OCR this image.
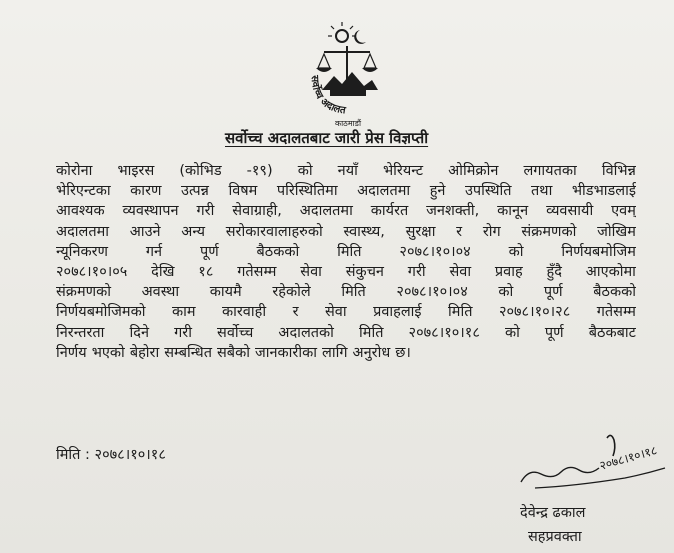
सर्वोच्च अदालत
काठमाडौं
सर्वोच्च अदालतबाट जारी प्रेस विज्ञप्ती
कोरोना भाइरस (कोभिड -१९) को नयाँ भेरियन्ट ओमिक्रोन लगायतका विभिन्न
भेरिएन्टका कारण उत्पन्न विषम परिस्थितिमा अदालतमा हुने उपस्थिति तथा भीडभाडलाई
आवश्यक व्यवस्थापन गरी सेवाग्राही, अदालतमा कार्यरत जनशक्ती, कानून व्यवसायी एवम्
अदालतमा आउने अन्य सरोकारवालाहरुको स्वास्थ्य, सुरक्षा र रोग संक्रमणको जोखिम
न्यूनिकरण	गर्न	पूर्ण	बैठकको	मिति	२०७८।१०।०४	को	निर्णयबमोजिम
२०७८।१०।०५ देखि १८ गतेसम्म सेवा संकुचन गरी सेवा प्रवाह हुँदै आएकोमा
संक्रमणको अवस्था कायमै रहेकोले मिति २०७८।१०।०४ को पूर्ण बैठकको
निर्णयबमोजिमको काम कारवाही र सेवा प्रवाहलाई मिति २०७८।१०।२८ गतेसम्म
निरन्तरता दिने गरी सर्वोच्च अदालतको मिति २०७८।१०।१८ को पूर्ण बैठकबाट
निर्णय भएको बेहोरा सम्बन्धित सबैको जानकारीका लागि अनुरोध छ।
मिति : २०७८।१०।१८	२०७८।१०।१८
देवेन्द्र ढकाल
सहप्रवक्ता
